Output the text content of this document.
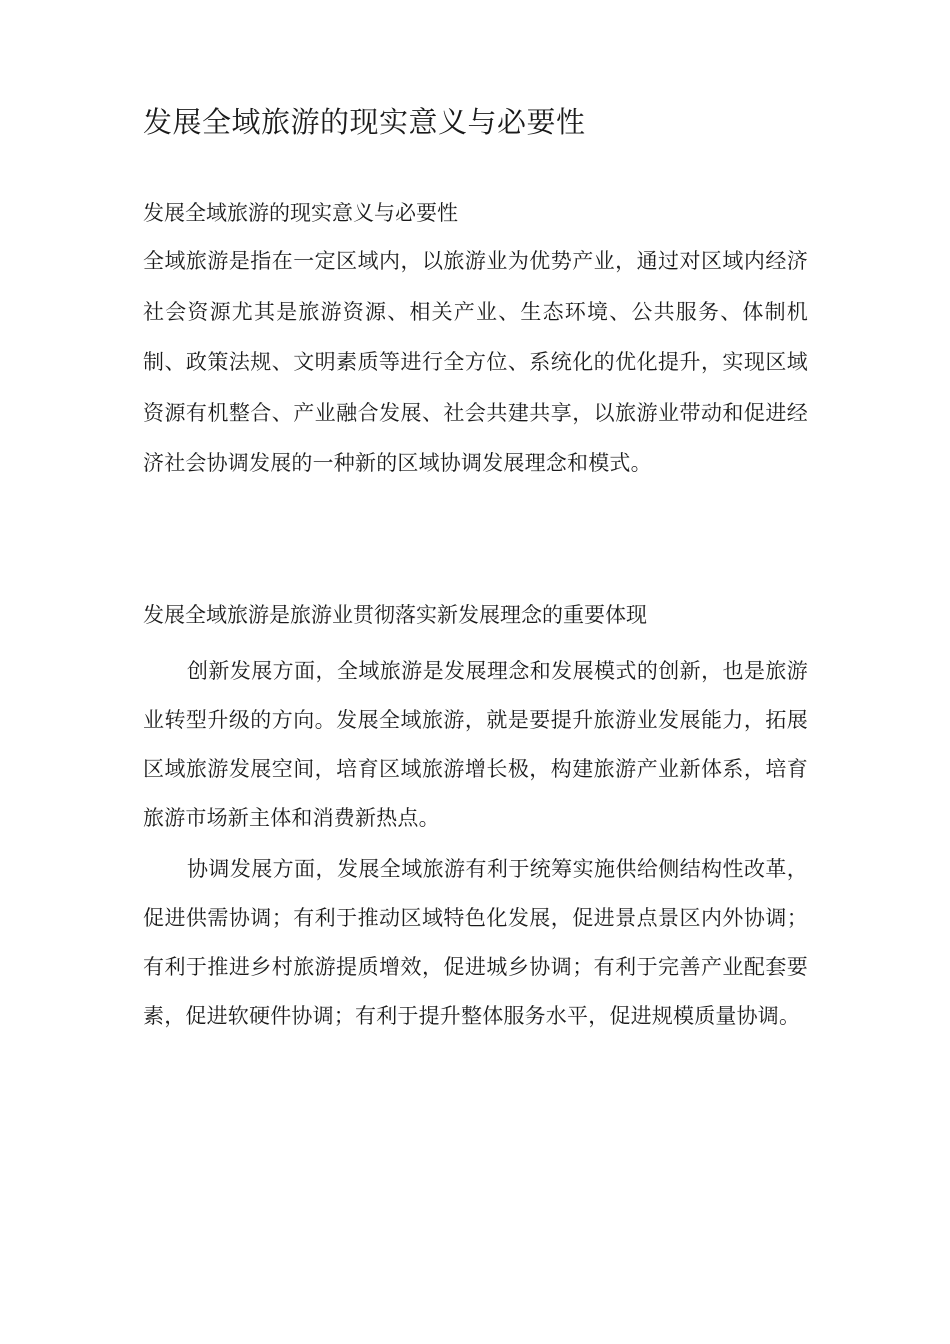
发展全域旅游的现实意义与必要性
发展全域旅游的现实意义与必要性

全域旅游是指在一定区域内，以旅游业为优势产业，通过对区域内经济社会资源尤其是旅游资源、相关产业、生态环境、公共服务、体制机制、政策法规、文明素质等进行全方位、系统化的优化提升，实现区域资源有机整合、产业融合发展、社会共建共享，以旅游业带动和促进经济社会协调发展的一种新的区域协调发展理念和模式。

发展全域旅游是旅游业贯彻落实新发展理念的重要体现

创新发展方面，全域旅游是发展理念和发展模式的创新，也是旅游业转型升级的方向。发展全域旅游，就是要提升旅游业发展能力，拓展区域旅游发展空间，培育区域旅游增长极，构建旅游产业新体系，培育旅游市场新主体和消费新热点。

协调发展方面，发展全域旅游有利于统筹实施供给侧结构性改革，促进供需协调；有利于推动区域特色化发展，促进景点景区内外协调；有利于推进乡村旅游提质增效，促进城乡协调；有利于完善产业配套要素，促进软硬件协调；有利于提升整体服务水平，促进规模质量协调。
